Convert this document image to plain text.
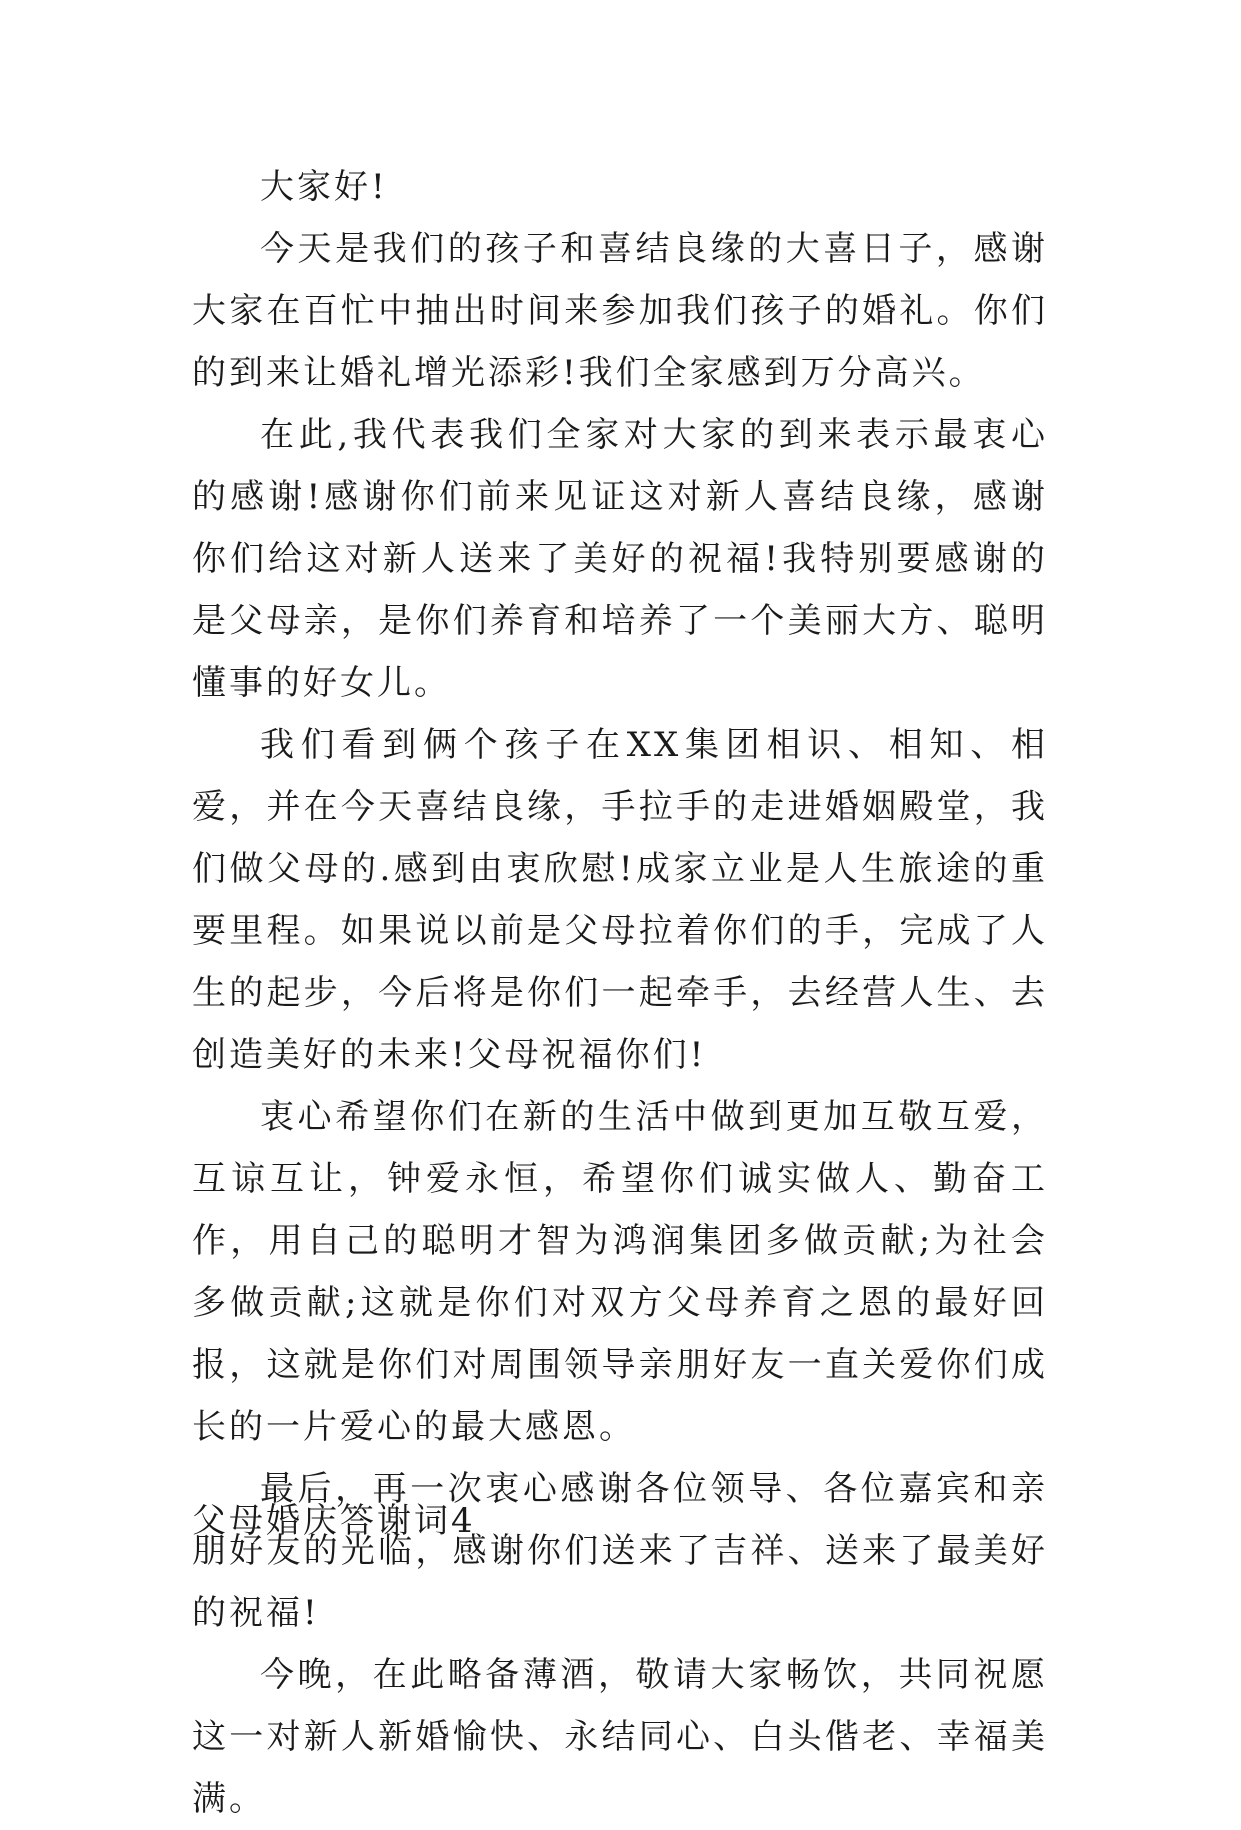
大家好!

今天是我们的孩子和喜结良缘的大喜日子，感谢大家在百忙中抽出时间来参加我们孩子的婚礼。你们的到来让婚礼增光添彩!我们全家感到万分高兴。

在此,我代表我们全家对大家的到来表示最衷心的感谢!感谢你们前来见证这对新人喜结良缘，感谢你们给这对新人送来了美好的祝福!我特别要感谢的是父母亲，是你们养育和培养了一个美丽大方、聪明懂事的好女儿。

我们看到俩个孩子在XX集团相识、相知、相爱，并在今天喜结良缘，手拉手的走进婚姻殿堂，我们做父母的.感到由衷欣慰!成家立业是人生旅途的重要里程。如果说以前是父母拉着你们的手，完成了人生的起步，今后将是你们一起牵手，去经营人生、去创造美好的未来!父母祝福你们!

衷心希望你们在新的生活中做到更加互敬互爱，互谅互让，钟爱永恒，希望你们诚实做人、勤奋工作，用自己的聪明才智为鸿润集团多做贡献;为社会多做贡献;这就是你们对双方父母养育之恩的最好回报，这就是你们对周围领导亲朋好友一直关爱你们成长的一片爱心的最大感恩。

最后，再一次衷心感谢各位领导、各位嘉宾和亲朋好友的光临，感谢你们送来了吉祥、送来了最美好的祝福!

今晚，在此略备薄酒，敬请大家畅饮，共同祝愿这一对新人新婚愉快、永结同心、白头偕老、幸福美满。

父母婚庆答谢词4
